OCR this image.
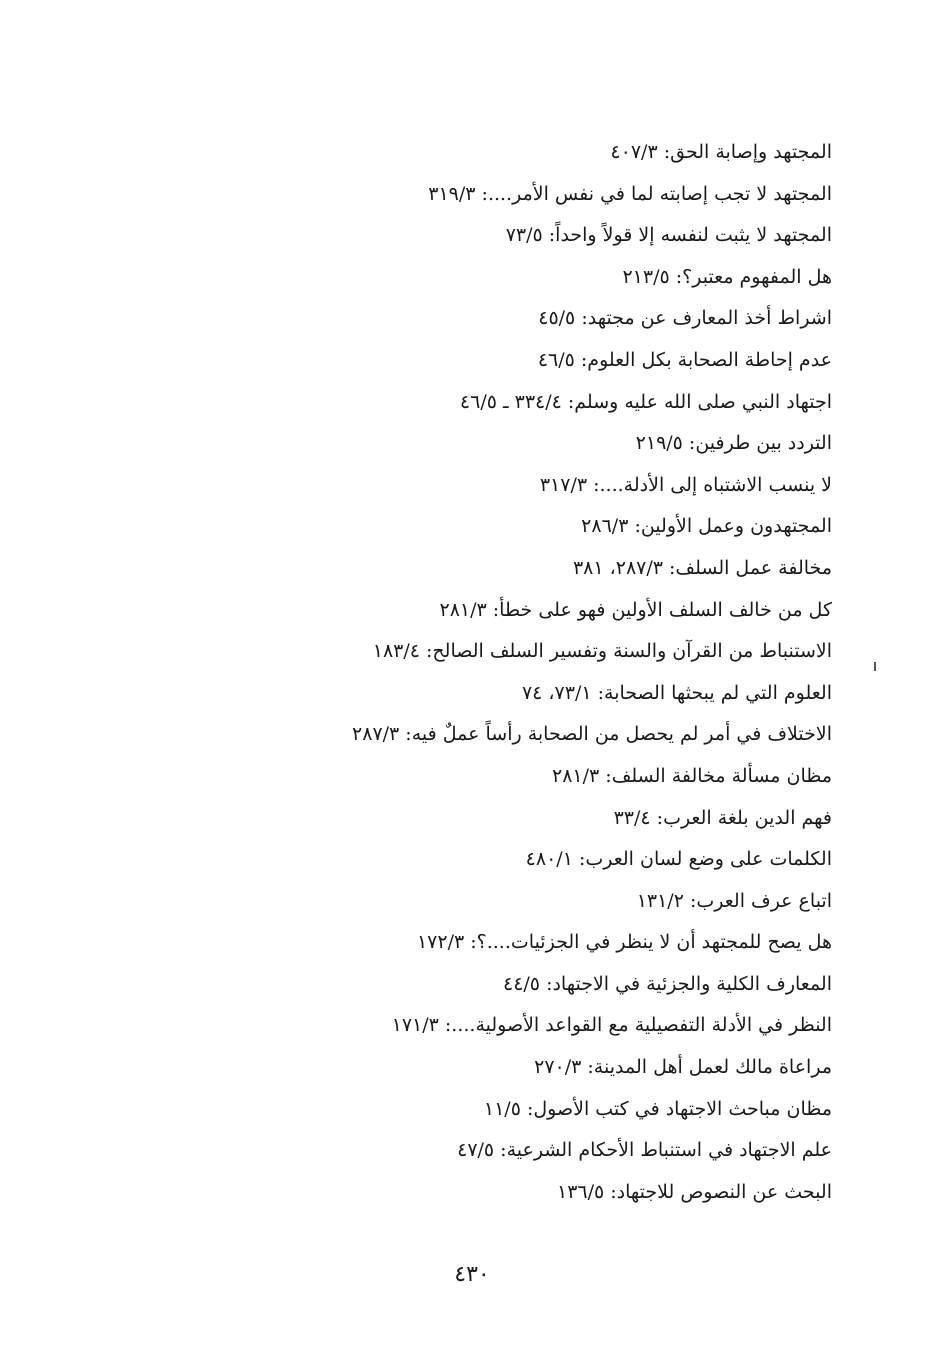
المجتهد وإصابة الحق: ٤٠٧/٣
المجتهد لا تجب إصابته لما في نفس الأمر....: ٣١٩/٣
المجتهد لا يثبت لنفسه إلا قولاً واحداً: ٧٣/٥
هل المفهوم معتبر؟: ٢١٣/٥
اشراط أخذ المعارف عن مجتهد: ٤٥/٥
عدم إحاطة الصحابة بكل العلوم: ٤٦/٥
اجتهاد النبي صلى الله عليه وسلم: ٣٣٤/٤ ـ ٤٦/٥
التردد بين طرفين: ٢١٩/٥
لا ينسب الاشتباه إلى الأدلة....: ٣١٧/٣
المجتهدون وعمل الأولين: ٢٨٦/٣
مخالفة عمل السلف: ٢٨٧/٣، ٣٨١
كل من خالف السلف الأولين فهو على خطأ: ٢٨١/٣
الاستنباط من القرآن والسنة وتفسير السلف الصالح: ١٨٣/٤
العلوم التي لم يبحثها الصحابة: ٧٣/١، ٧٤
الاختلاف في أمر لم يحصل من الصحابة رأساً عملٌ فيه: ٢٨٧/٣
مظان مسألة مخالفة السلف: ٢٨١/٣
فهم الدين بلغة العرب: ٣٣/٤
الكلمات على وضع لسان العرب: ٤٨٠/١
اتباع عرف العرب: ١٣١/٢
هل يصح للمجتهد أن لا ينظر في الجزئيات....؟: ١٧٢/٣
المعارف الكلية والجزئية في الاجتهاد: ٤٤/٥
النظر في الأدلة التفصيلية مع القواعد الأصولية....: ١٧١/٣
مراعاة مالك لعمل أهل المدينة: ٢٧٠/٣
مظان مباحث الاجتهاد في كتب الأصول: ١١/٥
علم الاجتهاد في استنباط الأحكام الشرعية: ٤٧/٥
البحث عن النصوص للاجتهاد: ١٣٦/٥
٤٣٠
